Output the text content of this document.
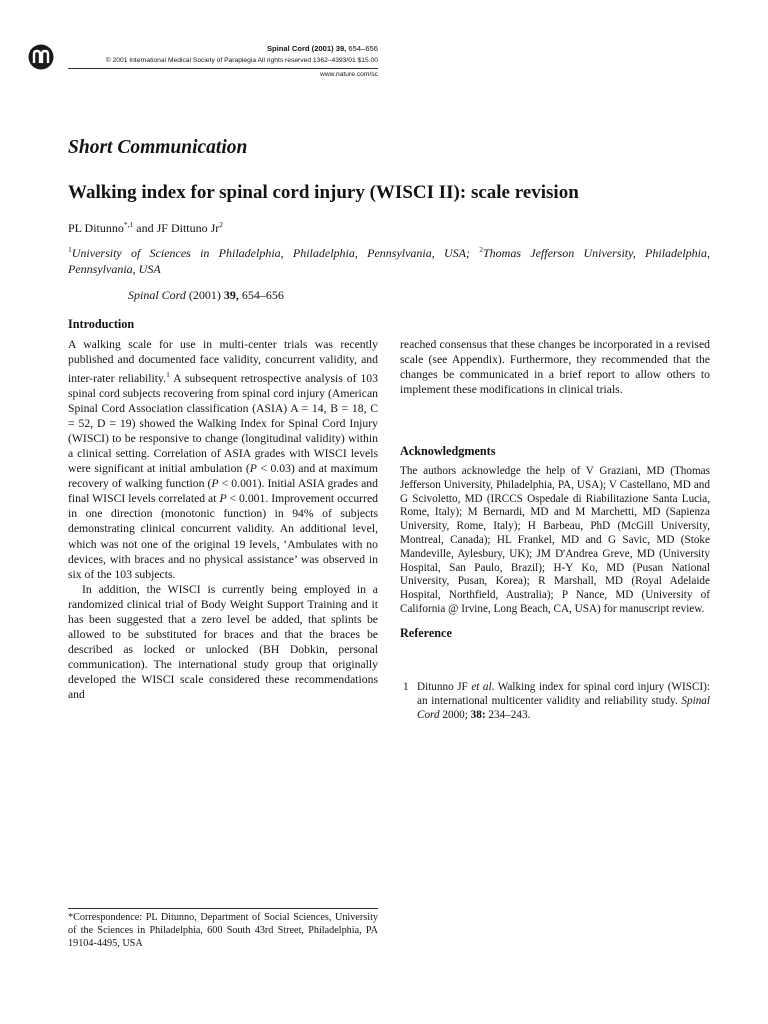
Spinal Cord (2001) 39, 654–656
© 2001 International Medical Society of Paraplegia All rights reserved 1362–4393/01 $15.00
www.nature.com/sc
Short Communication
Walking index for spinal cord injury (WISCI II): scale revision
PL Ditunno$^{*,1}$ and JF Dittuno Jr$^2$
$^1$University of Sciences in Philadelphia, Philadelphia, Pennsylvania, USA; $^2$Thomas Jefferson University, Philadelphia, Pennsylvania, USA
Spinal Cord (2001) 39, 654–656
Introduction

A walking scale for use in multi-center trials was recently published and documented face validity, concurrent validity, and inter-rater reliability.$^1$ A subsequent retrospective analysis of 103 spinal cord subjects recovering from spinal cord injury (American Spinal Cord Association classification (ASIA) A = 14, B = 18, C = 52, D = 19) showed the Walking Index for Spinal Cord Injury (WISCI) to be responsive to change (longitudinal validity) within a clinical setting. Correlation of ASIA grades with WISCI levels were significant at initial ambulation (P < 0.03) and at maximum recovery of walking function (P < 0.001). Initial ASIA grades and final WISCI levels correlated at P < 0.001. Improvement occurred in one direction (monotonic function) in 94% of subjects demonstrating clinical concurrent validity. An additional level, which was not one of the original 19 levels, ‘Ambulates with no devices, with braces and no physical assistance’ was observed in six of the 103 subjects.

In addition, the WISCI is currently being employed in a randomized clinical trial of Body Weight Support Training and it has been suggested that a zero level be added, that splints be allowed to be substituted for braces and that the braces be described as locked or unlocked (BH Dobkin, personal communication). The international study group that originally developed the WISCI scale considered these recommendations and

reached consensus that these changes be incorporated in a revised scale (see Appendix). Furthermore, they recommended that the changes be communicated in a brief report to allow others to implement these modifications in clinical trials.

Acknowledgments
The authors acknowledge the help of V Graziani, MD (Thomas Jefferson University, Philadelphia, PA, USA); V Castellano, MD and G Scivoletto, MD (IRCCS Ospedale di Riabilitazione Santa Lucia, Rome, Italy); M Bernardi, MD and M Marchetti, MD (Sapienza University, Rome, Italy); H Barbeau, PhD (McGill University, Montreal, Canada); HL Frankel, MD and G Savic, MD (Stoke Mandeville, Aylesbury, UK); JM D'Andrea Greve, MD (University Hospital, San Paulo, Brazil); H-Y Ko, MD (Pusan National University, Pusan, Korea); R Marshall, MD (Royal Adelaide Hospital, Northfield, Australia); P Nance, MD (University of California @ Irvine, Long Beach, CA, USA) for manuscript review.
Reference
1 Ditunno JF et al. Walking index for spinal cord injury (WISCI): an international multicenter validity and reliability study. Spinal Cord 2000; 38: 234–243.
*Correspondence: PL Ditunno, Department of Social Sciences, University of the Sciences in Philadelphia, 600 South 43rd Street, Philadelphia, PA 19104-4495, USA
